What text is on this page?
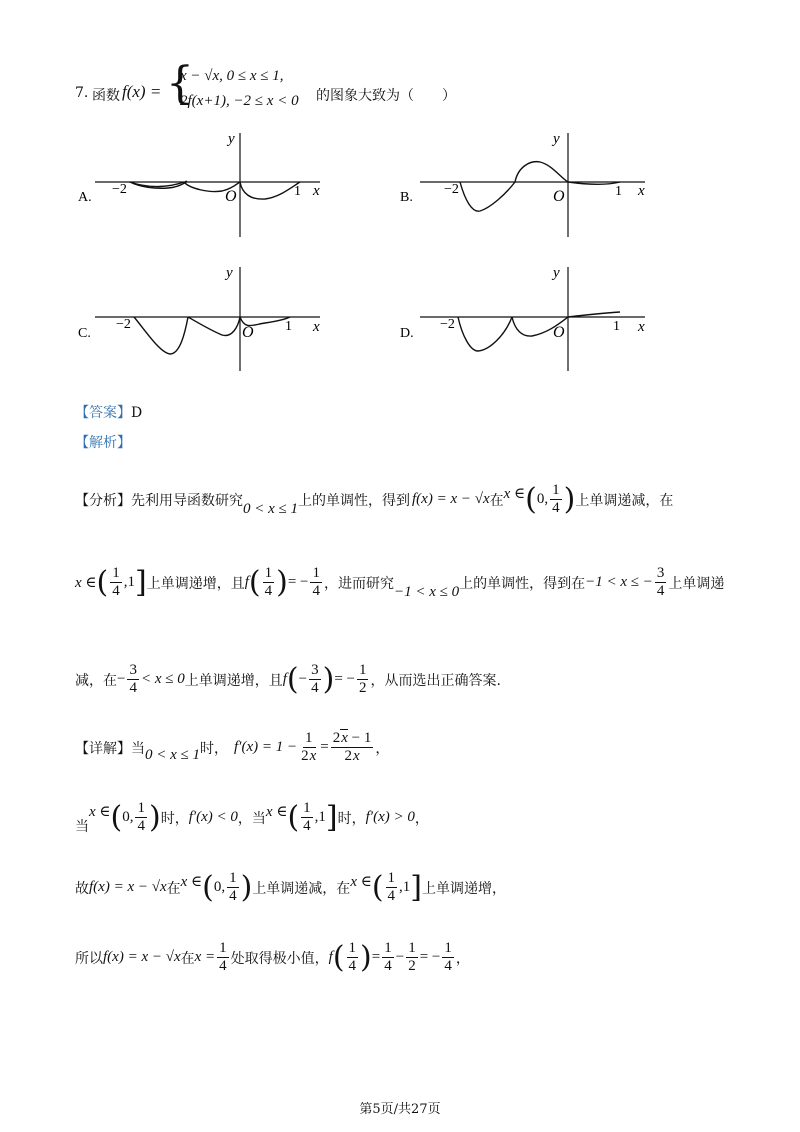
7. 函数 f(x) = {
x − √x, 0 ≤ x ≤ 1,
2f(x+1), −2 ≤ x < 0 的图象大致为（　　）
y
x
O
A.
−2	1
y
x
O
B.
−2	1
y
x
O
C.
−2	1
y
x
O
D.
−2	1
【答案】D
【解析】
【分析】 先利用导函数研究
0 < x ≤ 1
上的单调性，得到 f(x) = x − √x 在 x ∈ ( 0, $\frac{1}{4}$ ) 上单调递减，在
x ∈ ( $\frac{1}{4} ,1$ ] 上单调递增，且 f ( $\frac{1}{4}$ ) = − $\frac{1}{4}$ ，进而研究
−1 < x ≤ 0
上的单调性，得到在 −1 < x ≤ − $\frac{3}{4}$ 上单调递
减，在 − $\frac{3}{4} < x \le 0$ 上单调递增，且 f ( − $\frac{3}{4}$ ) = − $\frac{1}{2}$ ，从而选出正确答案.
【详解】 当 0 < x ≤ 1 时， $f'(x) = 1 - \frac{1}{2x} = \frac{2x - 1}{2x}$ ，
当
x ∈ ( 0, $\frac{1}{4}$ ) 时， f′(x) < 0 ，当 x ∈ ( $\frac{1}{4} ,1$ ] 时， f′(x) > 0 ，
故 f(x) = x − √x 在 x ∈ ( 0, $\frac{1}{4}$ ) 上单调递减，在 x ∈ ( $\frac{1}{4} ,1$ ] 上单调递增，
所以 f(x) = x − √x 在 $x = \frac{1}{4}$ 处取得极小值， f ( $\frac{1}{4}$ ) = $\frac{1}{4} - \frac{1}{2}$ = − $\frac{1}{4}$ ，
第5页/共27页
